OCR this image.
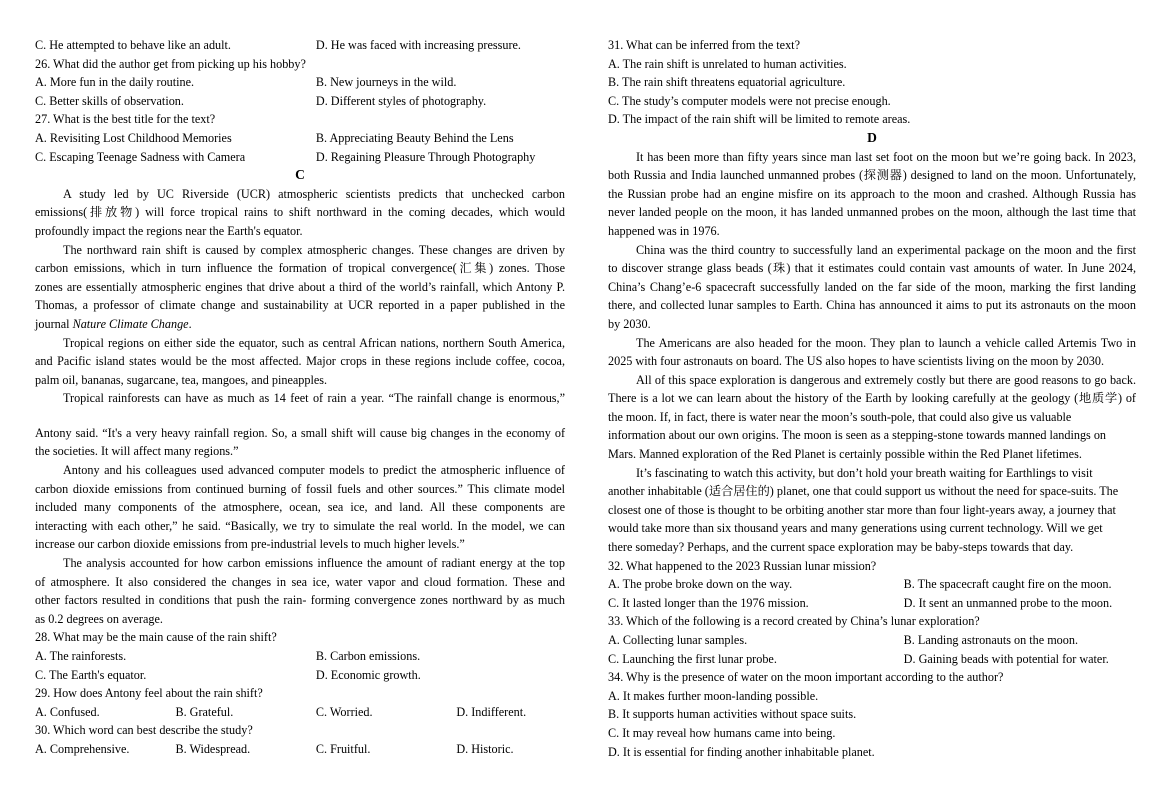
C. He attempted to behave like an adult.	D. He was faced with increasing pressure.
26. What did the author get from picking up his hobby?
A. More fun in the daily routine.	B. New journeys in the wild.
C. Better skills of observation.	D. Different styles of photography.
27. What is the best title for the text?
A. Revisiting Lost Childhood Memories	B. Appreciating Beauty Behind the Lens
C. Escaping Teenage Sadness with Camera	D. Regaining Pleasure Through Photography
C
A study led by UC Riverside (UCR) atmospheric scientists predicts that unchecked carbon
emissions(排放物) will force tropical rains to shift northward in the coming decades, which would
profoundly impact the regions near the Earth's equator.
The northward rain shift is caused by complex atmospheric changes. These changes are driven by
carbon emissions, which in turn influence the formation of tropical convergence(汇集) zones. Those
zones are essentially atmospheric engines that drive about a third of the world’s rainfall, which Antony P.
Thomas, a professor of climate change and sustainability at UCR reported in a paper published in the
journal Nature Climate Change.
Tropical regions on either side the equator, such as central African nations, northern South America,
and Pacific island states would be the most affected. Major crops in these regions include coffee, cocoa,
palm oil, bananas, sugarcane, tea, mangoes, and pineapples.
Tropical rainforests can have as much as 14 feet of rain a year. “The rainfall change is enormous,”
Antony said. “It's a very heavy rainfall region. So, a small shift will cause big changes in the economy of
the societies. It will affect many regions.”
Antony and his colleagues used advanced computer models to predict the atmospheric influence of
carbon dioxide emissions from continued burning of fossil fuels and other sources.” This climate model
included many components of the atmosphere, ocean, sea ice, and land. All these components are
interacting with each other,” he said. “Basically, we try to simulate the real world. In the model, we can
increase our carbon dioxide emissions from pre-industrial levels to much higher levels.”
The analysis accounted for how carbon emissions influence the amount of radiant energy at the top
of atmosphere. It also considered the changes in sea ice, water vapor and cloud formation. These and
other factors resulted in conditions that push the rain- forming convergence zones northward by as much
as 0.2 degrees on average.
28. What may be the main cause of the rain shift?
A. The rainforests.	B. Carbon emissions.
C. The Earth's equator.	D. Economic growth.
29. How does Antony feel about the rain shift?
A. Confused.	B. Grateful.	C. Worried.	D. Indifferent.
30. Which word can best describe the study?
A. Comprehensive.	B. Widespread.	C. Fruitful.	D. Historic.
31. What can be inferred from the text?
A. The rain shift is unrelated to human activities.
B. The rain shift threatens equatorial agriculture.
C. The study’s computer models were not precise enough.
D. The impact of the rain shift will be limited to remote areas.
D
It has been more than fifty years since man last set foot on the moon but we’re going back. In 2023,
both Russia and India launched unmanned probes (探测器) designed to land on the moon. Unfortunately,
the Russian probe had an engine misfire on its approach to the moon and crashed. Although Russia has
never landed people on the moon, it has landed unmanned probes on the moon, although the last time that
happened was in 1976.
China was the third country to successfully land an experimental package on the moon and the first
to discover strange glass beads (珠) that it estimates could contain vast amounts of water. In June 2024,
China’s Chang’e-6 spacecraft successfully landed on the far side of the moon, marking the first landing
there, and collected lunar samples to Earth. China has announced it aims to put its astronauts on the moon
by 2030.
The Americans are also headed for the moon. They plan to launch a vehicle called Artemis Two in
2025 with four astronauts on board. The US also hopes to have scientists living on the moon by 2030.
All of this space exploration is dangerous and extremely costly but there are good reasons to go back.
There is a lot we can learn about the history of the Earth by looking carefully at the geology (地质学) of
the moon. If, in fact, there is water near the moon’s south-pole, that could also give us valuable
information about our own origins. The moon is seen as a stepping-stone towards manned landings on
Mars. Manned exploration of the Red Planet is certainly possible within the Red Planet lifetimes.
It’s fascinating to watch this activity, but don’t hold your breath waiting for Earthlings to visit
another inhabitable (适合居住的) planet, one that could support us without the need for space-suits. The
closest one of those is thought to be orbiting another star more than four light-years away, a journey that
would take more than six thousand years and many generations using current technology. Will we get
there someday? Perhaps, and the current space exploration may be baby-steps towards that day.
32. What happened to the 2023 Russian lunar mission?
A. The probe broke down on the way.	B. The spacecraft caught fire on the moon.
C. It lasted longer than the 1976 mission.	D. It sent an unmanned probe to the moon.
33. Which of the following is a record created by China’s lunar exploration?
A. Collecting lunar samples.	B. Landing astronauts on the moon.
C. Launching the first lunar probe.	D. Gaining beads with potential for water.
34. Why is the presence of water on the moon important according to the author?
A. It makes further moon-landing possible.
B. It supports human activities without space suits.
C. It may reveal how humans came into being.
D. It is essential for finding another inhabitable planet.
